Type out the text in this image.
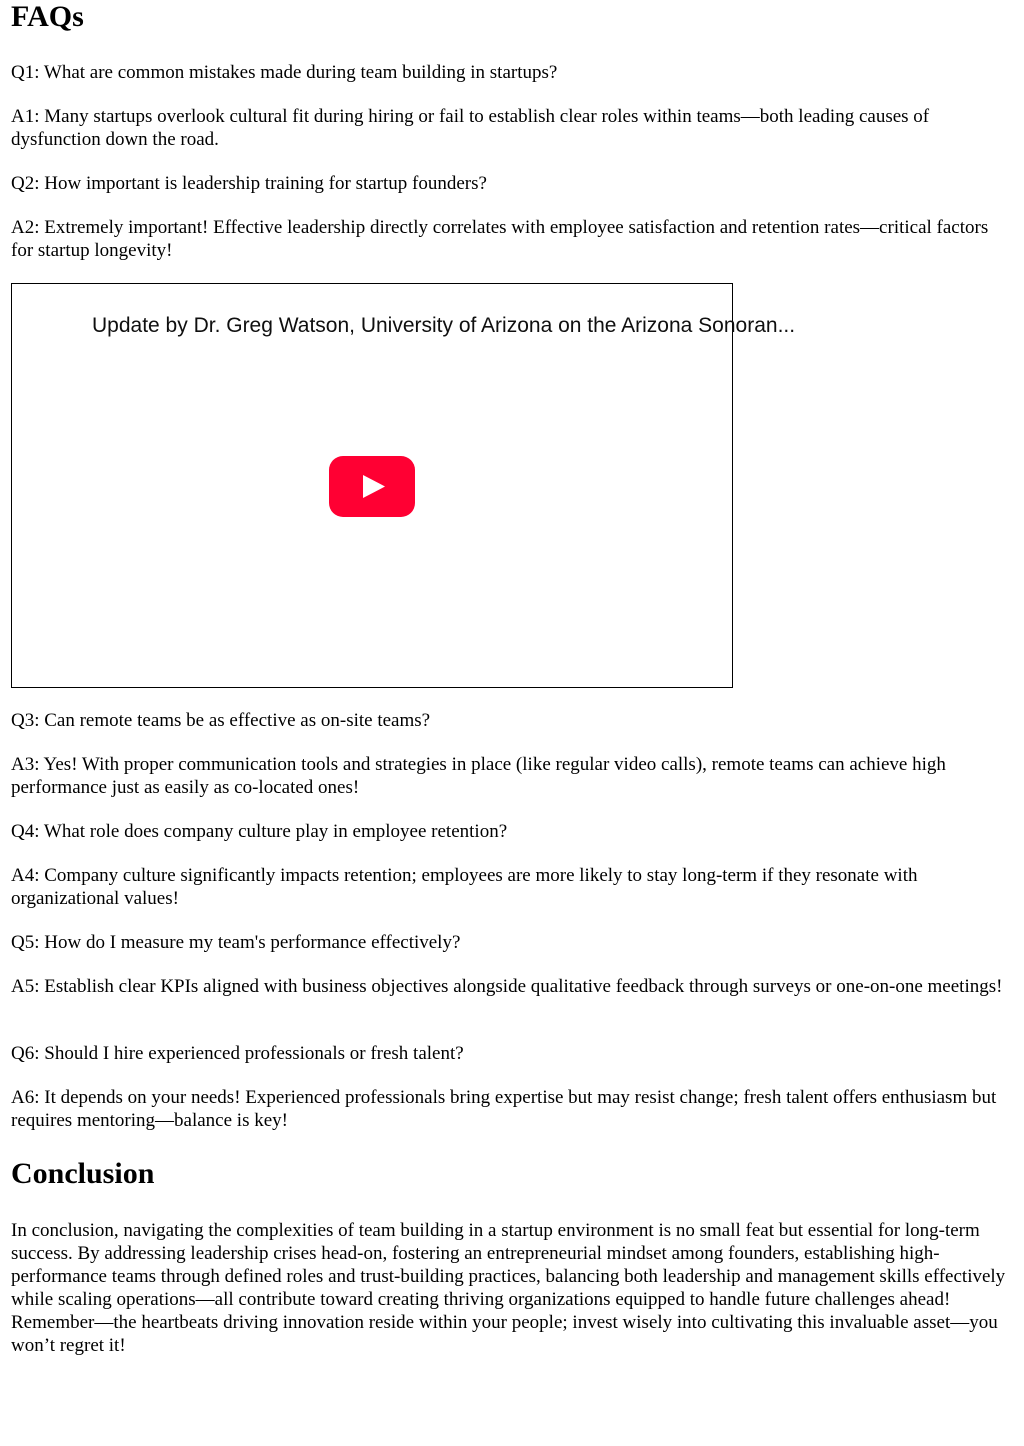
FAQs

Q1: What are common mistakes made during team building in startups?

A1: Many startups overlook cultural fit during hiring or fail to establish clear roles within teams—both leading causes of dysfunction down the road.

Q2: How important is leadership training for startup founders?

A2: Extremely important! Effective leadership directly correlates with employee satisfaction and retention rates—critical factors for startup longevity!

Update by Dr. Greg Watson, University of Arizona on the Arizona Sonoran...

Q3: Can remote teams be as effective as on-site teams?

A3: Yes! With proper communication tools and strategies in place (like regular video calls), remote teams can achieve high performance just as easily as co-located ones!

Q4: What role does company culture play in employee retention?

A4: Company culture significantly impacts retention; employees are more likely to stay long-term if they resonate with organizational values!

Q5: How do I measure my team's performance effectively?

A5: Establish clear KPIs aligned with business objectives alongside qualitative feedback through surveys or one-on-one meetings!

Q6: Should I hire experienced professionals or fresh talent?

A6: It depends on your needs! Experienced professionals bring expertise but may resist change; fresh talent offers enthusiasm but requires mentoring—balance is key!

Conclusion

In conclusion, navigating the complexities of team building in a startup environment is no small feat but essential for long-term success. By addressing leadership crises head-on, fostering an entrepreneurial mindset among founders, establishing high-performance teams through defined roles and trust-building practices, balancing both leadership and management skills effectively while scaling operations—all contribute toward creating thriving organizations equipped to handle future challenges ahead! Remember—the heartbeats driving innovation reside within your people; invest wisely into cultivating this invaluable asset—you won’t regret it!
